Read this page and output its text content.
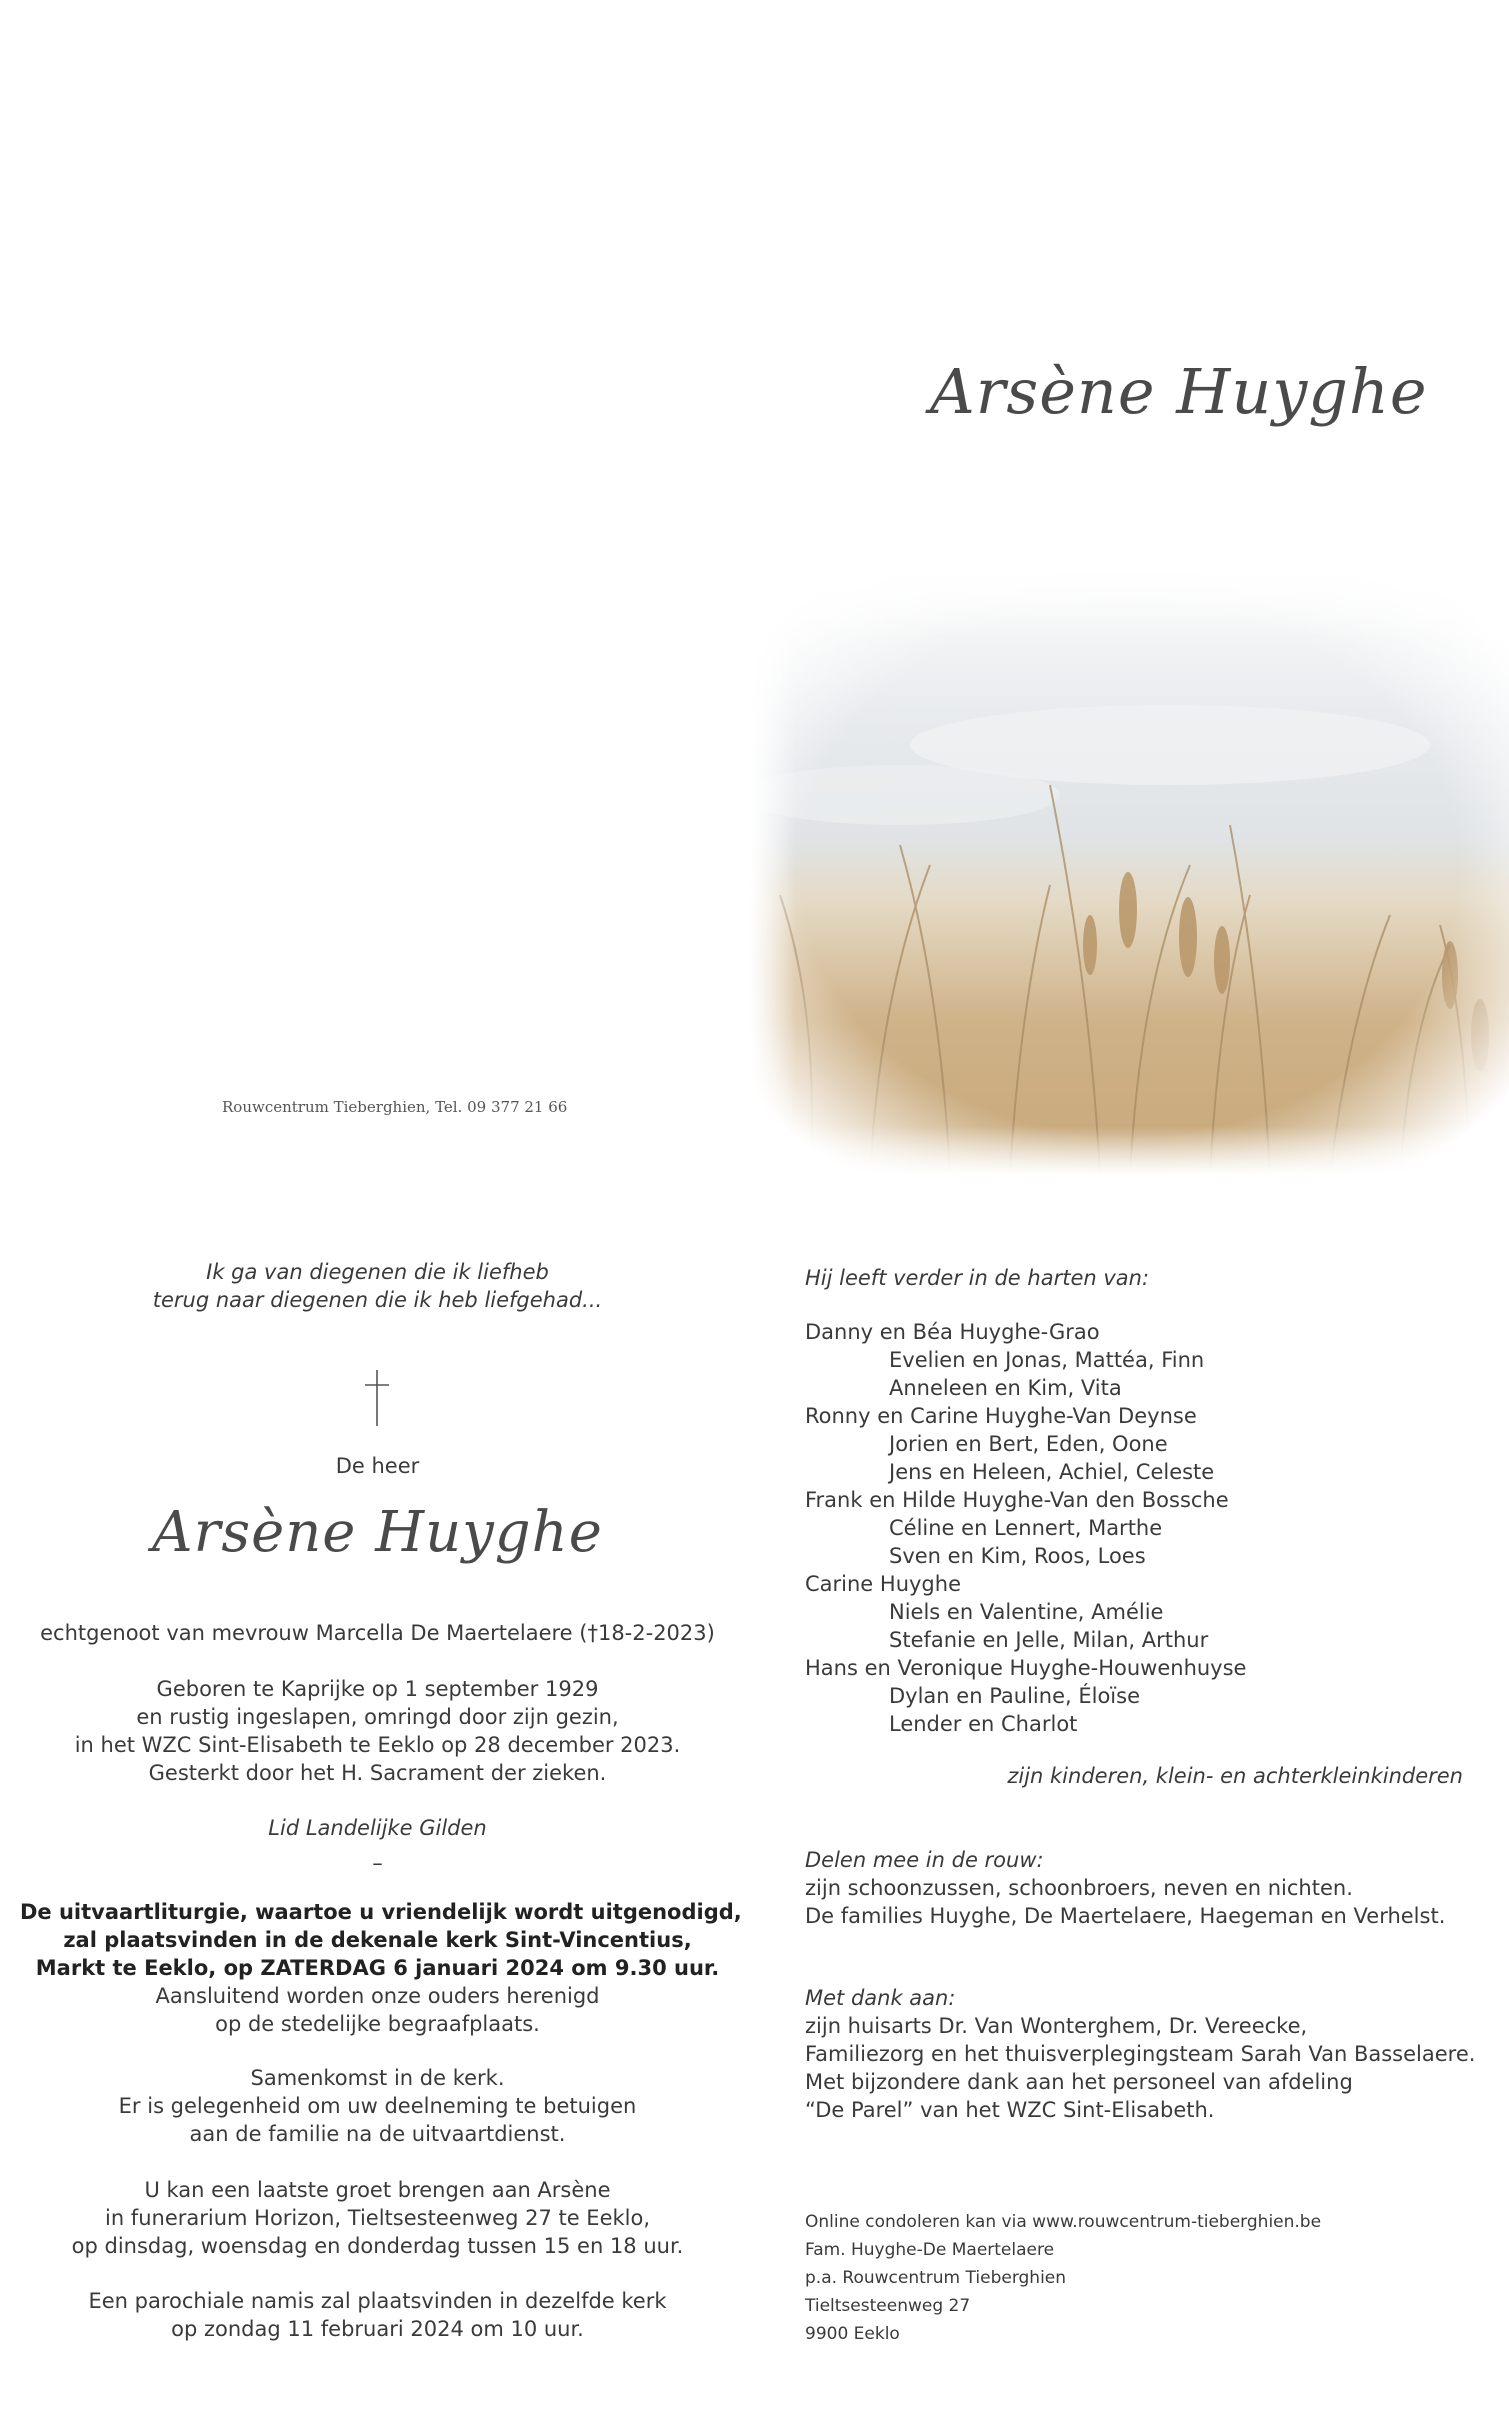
Arsène Huyghe
Rouwcentrum Tieberghien, Tel. 09 377 21 66
Ik ga van diegenen die ik liefheb
terug naar diegenen die ik heb liefgehad...
De heer
Arsène Huyghe
echtgenoot van mevrouw Marcella De Maertelaere (†18-2-2023)
Geboren te Kaprijke op 1 september 1929
en rustig ingeslapen, omringd door zijn gezin,
in het WZC Sint-Elisabeth te Eeklo op 28 december 2023.
Gesterkt door het H. Sacrament der zieken.
Lid Landelijke Gilden
–
De uitvaartliturgie, waartoe u vriendelijk wordt uitgenodigd,
zal plaatsvinden in de dekenale kerk Sint-Vincentius,
Markt te Eeklo, op ZATERDAG 6 januari 2024 om 9.30 uur.
Aansluitend worden onze ouders herenigd
op de stedelijke begraafplaats.
Samenkomst in de kerk.
Er is gelegenheid om uw deelneming te betuigen
aan de familie na de uitvaartdienst.
U kan een laatste groet brengen aan Arsène
in funerarium Horizon, Tieltsesteenweg 27 te Eeklo,
op dinsdag, woensdag en donderdag tussen 15 en 18 uur.
Een parochiale namis zal plaatsvinden in dezelfde kerk
op zondag 11 februari 2024 om 10 uur.
Hij leeft verder in de harten van:
Danny en Béa Huyghe-Grao
Evelien en Jonas, Mattéa, Finn
Anneleen en Kim, Vita
Ronny en Carine Huyghe-Van Deynse
Jorien en Bert, Eden, Oone
Jens en Heleen, Achiel, Celeste
Frank en Hilde Huyghe-Van den Bossche
Céline en Lennert, Marthe
Sven en Kim, Roos, Loes
Carine Huyghe
Niels en Valentine, Amélie
Stefanie en Jelle, Milan, Arthur
Hans en Veronique Huyghe-Houwenhuyse
Dylan en Pauline, Éloïse
Lender en Charlot
zijn kinderen, klein- en achterkleinkinderen
Delen mee in de rouw:
zijn schoonzussen, schoonbroers, neven en nichten.
De families Huyghe, De Maertelaere, Haegeman en Verhelst.
Met dank aan:
zijn huisarts Dr. Van Wonterghem, Dr. Vereecke,
Familiezorg en het thuisverplegingsteam Sarah Van Basselaere.
Met bijzondere dank aan het personeel van afdeling
“De Parel” van het WZC Sint-Elisabeth.
Online condoleren kan via www.rouwcentrum-tieberghien.be
Fam. Huyghe-De Maertelaere
p.a. Rouwcentrum Tieberghien
Tieltsesteenweg 27
9900 Eeklo
